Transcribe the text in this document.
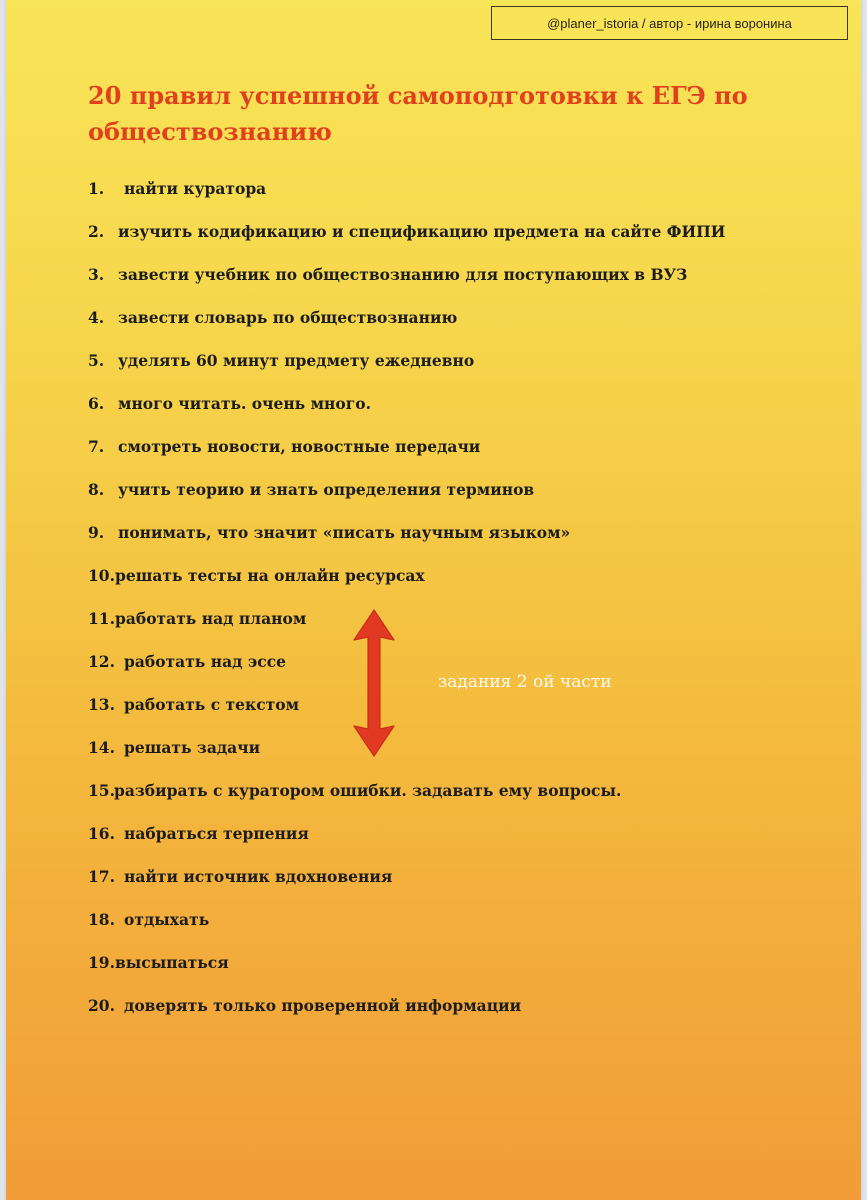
@planer_istoria / автор - ирина воронина
20 правил успешной самоподготовки к ЕГЭ по обществознанию
1.	найти куратора
2. изучить кодификацию и спецификацию предмета на сайте ФИПИ
3. завести учебник по обществознанию для поступающих в ВУЗ
4. завести словарь по обществознанию
5. уделять 60 минут предмету ежедневно
6. много читать. очень много.
7. смотреть новости, новостные передачи
8. учить теорию и знать определения терминов
9. понимать, что значит «писать научным языком»
10. решать тесты на онлайн ресурсах
11. работать над планом
12. работать над эссе
13. работать с текстом
14. решать задачи
15. разбирать с куратором ошибки. задавать ему вопросы.
16. набраться терпения
17. найти источник вдохновения
18. отдыхать
19. высыпаться
20. доверять только проверенной информации
задания 2 ой части
